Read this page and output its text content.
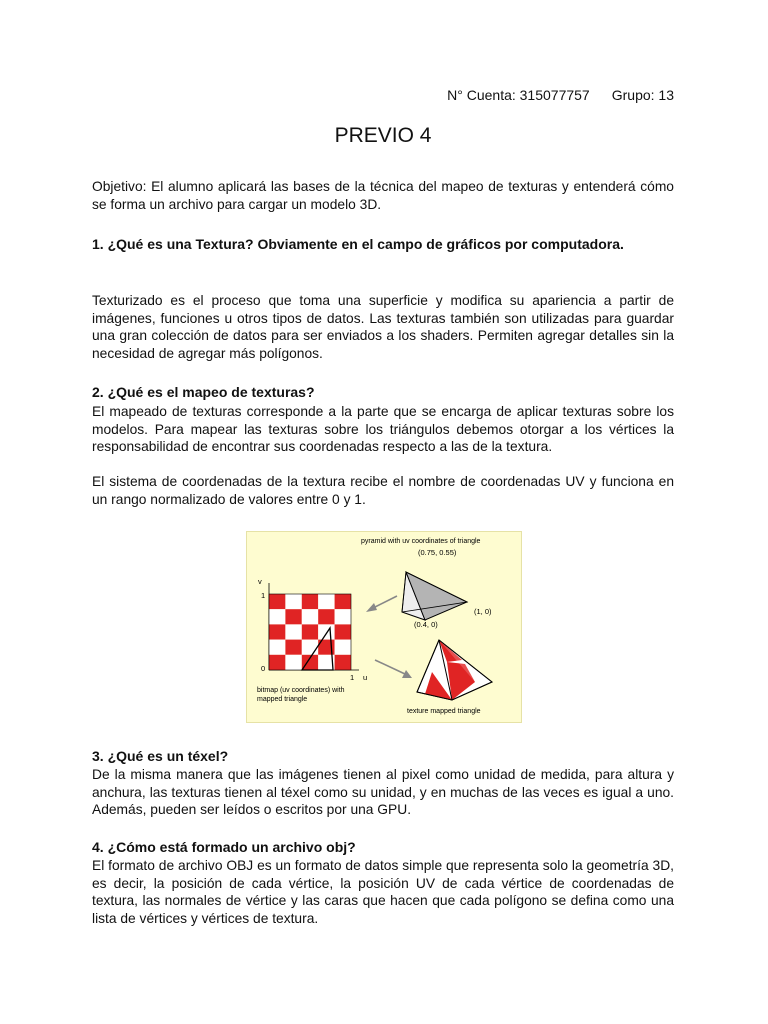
N° Cuenta: 315077757 Grupo: 13
PREVIO 4
Objetivo: El alumno aplicará las bases de la técnica del mapeo de texturas y entenderá cómo se forma un archivo para cargar un modelo 3D.
1. ¿Qué es una Textura? Obviamente en el campo de gráficos por computadora.
Texturizado es el proceso que toma una superficie y modifica su apariencia a partir de imágenes, funciones u otros tipos de datos. Las texturas también son utilizadas para guardar una gran colección de datos para ser enviados a los shaders. Permiten agregar detalles sin la necesidad de agregar más polígonos.
2. ¿Qué es el mapeo de texturas?
El mapeado de texturas corresponde a la parte que se encarga de aplicar texturas sobre los modelos. Para mapear las texturas sobre los triángulos debemos otorgar a los vértices la responsabilidad de encontrar sus coordenadas respecto a las de la textura.
El sistema de coordenadas de la textura recibe el nombre de coordenadas UV y funciona en un rango normalizado de valores entre 0 y 1.
pyramid with uv coordinates of triangle
(0.75, 0.55)
(1, 0)
(0.4, 0)
v
1
0
1 u
bitmap (uv coordinates) with
mapped triangle
texture mapped triangle
3. ¿Qué es un téxel?
De la misma manera que las imágenes tienen al pixel como unidad de medida, para altura y anchura, las texturas tienen al téxel como su unidad, y en muchas de las veces es igual a uno. Además, pueden ser leídos o escritos por una GPU.
4. ¿Cómo está formado un archivo obj?
El formato de archivo OBJ es un formato de datos simple que representa solo la geometría 3D, es decir, la posición de cada vértice, la posición UV de cada vértice de coordenadas de textura, las normales de vértice y las caras que hacen que cada polígono se defina como una lista de vértices y vértices de textura.
